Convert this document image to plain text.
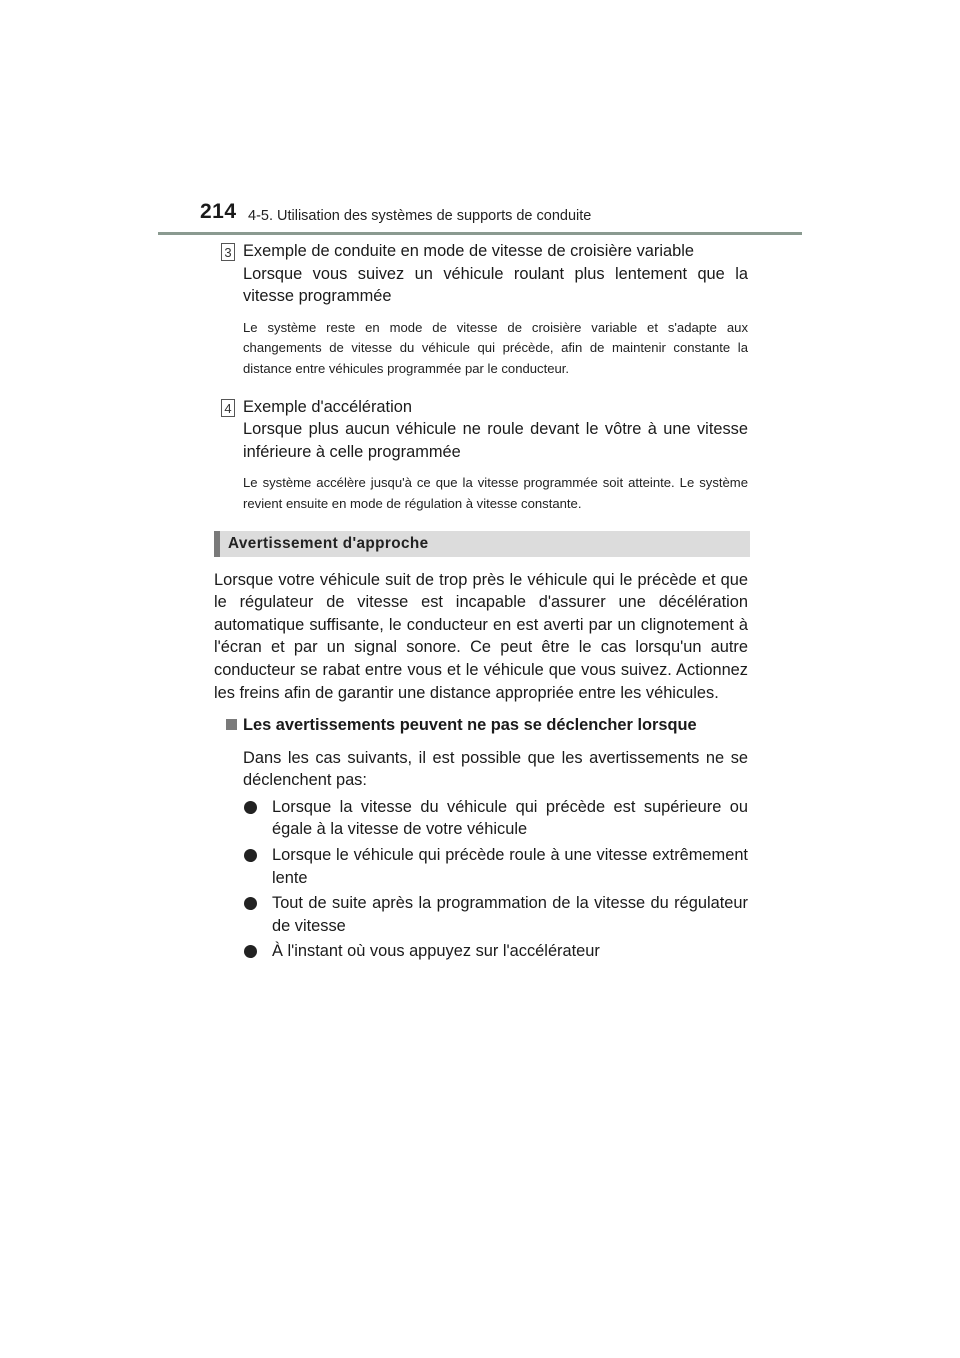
214 4-5. Utilisation des systèmes de supports de conduite
3 Exemple de conduite en mode de vitesse de croisière variable
Lorsque vous suivez un véhicule roulant plus lentement que la vitesse programmée
Le système reste en mode de vitesse de croisière variable et s'adapte aux changements de vitesse du véhicule qui précède, afin de maintenir constante la distance entre véhicules programmée par le conducteur.
4 Exemple d'accélération
Lorsque plus aucun véhicule ne roule devant le vôtre à une vitesse inférieure à celle programmée
Le système accélère jusqu'à ce que la vitesse programmée soit atteinte. Le système revient ensuite en mode de régulation à vitesse constante.
Avertissement d'approche
Lorsque votre véhicule suit de trop près le véhicule qui le précède et que le régulateur de vitesse est incapable d'assurer une décélération automatique suffisante, le conducteur en est averti par un clignotement à l'écran et par un signal sonore. Ce peut être le cas lorsqu'un autre conducteur se rabat entre vous et le véhicule que vous suivez. Actionnez les freins afin de garantir une distance appropriée entre les véhicules.
Les avertissements peuvent ne pas se déclencher lorsque
Dans les cas suivants, il est possible que les avertissements ne se déclenchent pas:
Lorsque la vitesse du véhicule qui précède est supérieure ou égale à la vitesse de votre véhicule
Lorsque le véhicule qui précède roule à une vitesse extrêmement lente
Tout de suite après la programmation de la vitesse du régulateur de vitesse
À l'instant où vous appuyez sur l'accélérateur
